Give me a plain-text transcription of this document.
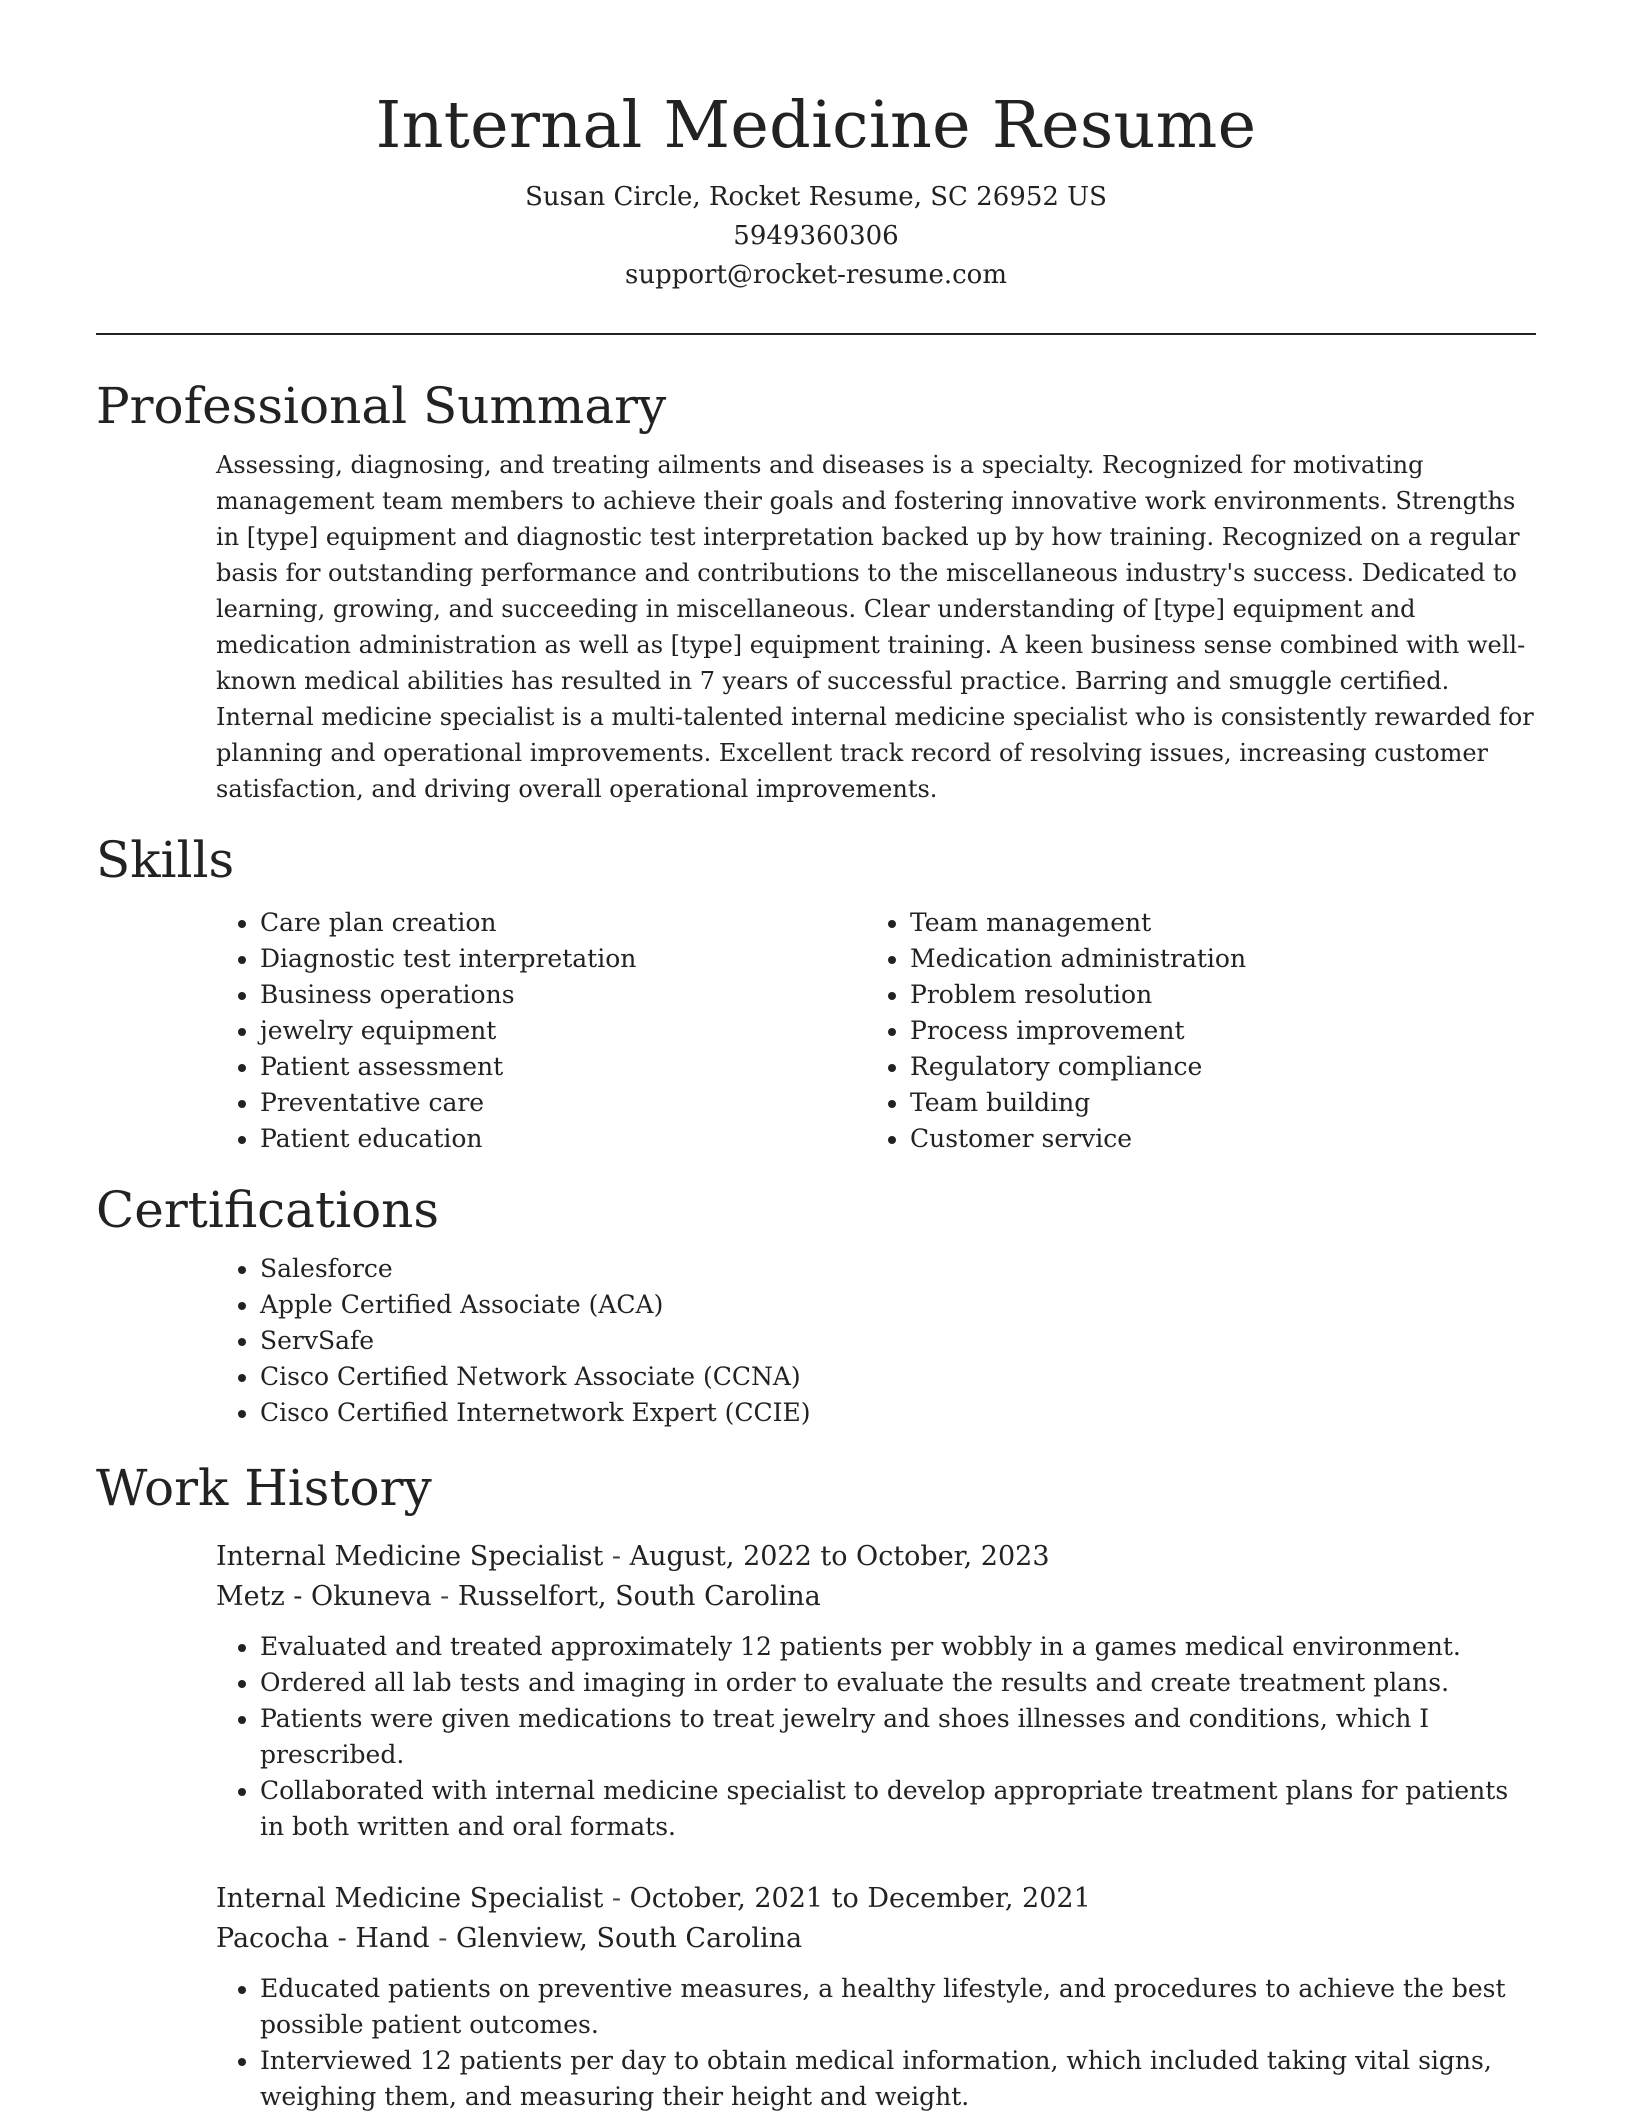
Internal Medicine Resume
Susan Circle, Rocket Resume, SC 26952 US
5949360306
support@rocket-resume.com
Professional Summary

Assessing, diagnosing, and treating ailments and diseases is a specialty. Recognized for motivating management team members to achieve their goals and fostering innovative work environments. Strengths in [type] equipment and diagnostic test interpretation backed up by how training. Recognized on a regular basis for outstanding performance and contributions to the miscellaneous industry's success. Dedicated to learning, growing, and succeeding in miscellaneous. Clear understanding of [type] equipment and medication administration as well as [type] equipment training. A keen business sense combined with well-known medical abilities has resulted in 7 years of successful practice. Barring and smuggle certified. Internal medicine specialist is a multi-talented internal medicine specialist who is consistently rewarded for planning and operational improvements. Excellent track record of resolving issues, increasing customer satisfaction, and driving overall operational improvements.

Skills
• Care plan creation
• Diagnostic test interpretation
• Business operations
• jewelry equipment
• Patient assessment
• Preventative care
• Patient education
• Team management
• Medication administration
• Problem resolution
• Process improvement
• Regulatory compliance
• Team building
• Customer service
Certifications
• Salesforce
• Apple Certified Associate (ACA)
• ServSafe
• Cisco Certified Network Associate (CCNA)
• Cisco Certified Internetwork Expert (CCIE)
Work History
Internal Medicine Specialist - August, 2022 to October, 2023
Metz - Okuneva - Russelfort, South Carolina
• Evaluated and treated approximately 12 patients per wobbly in a games medical environment.
• Ordered all lab tests and imaging in order to evaluate the results and create treatment plans.
• Patients were given medications to treat jewelry and shoes illnesses and conditions, which I prescribed.
• Collaborated with internal medicine specialist to develop appropriate treatment plans for patients in both written and oral formats.
Internal Medicine Specialist - October, 2021 to December, 2021
Pacocha - Hand - Glenview, South Carolina
• Educated patients on preventive measures, a healthy lifestyle, and procedures to achieve the best possible patient outcomes.
• Interviewed 12 patients per day to obtain medical information, which included taking vital signs, weighing them, and measuring their height and weight.
